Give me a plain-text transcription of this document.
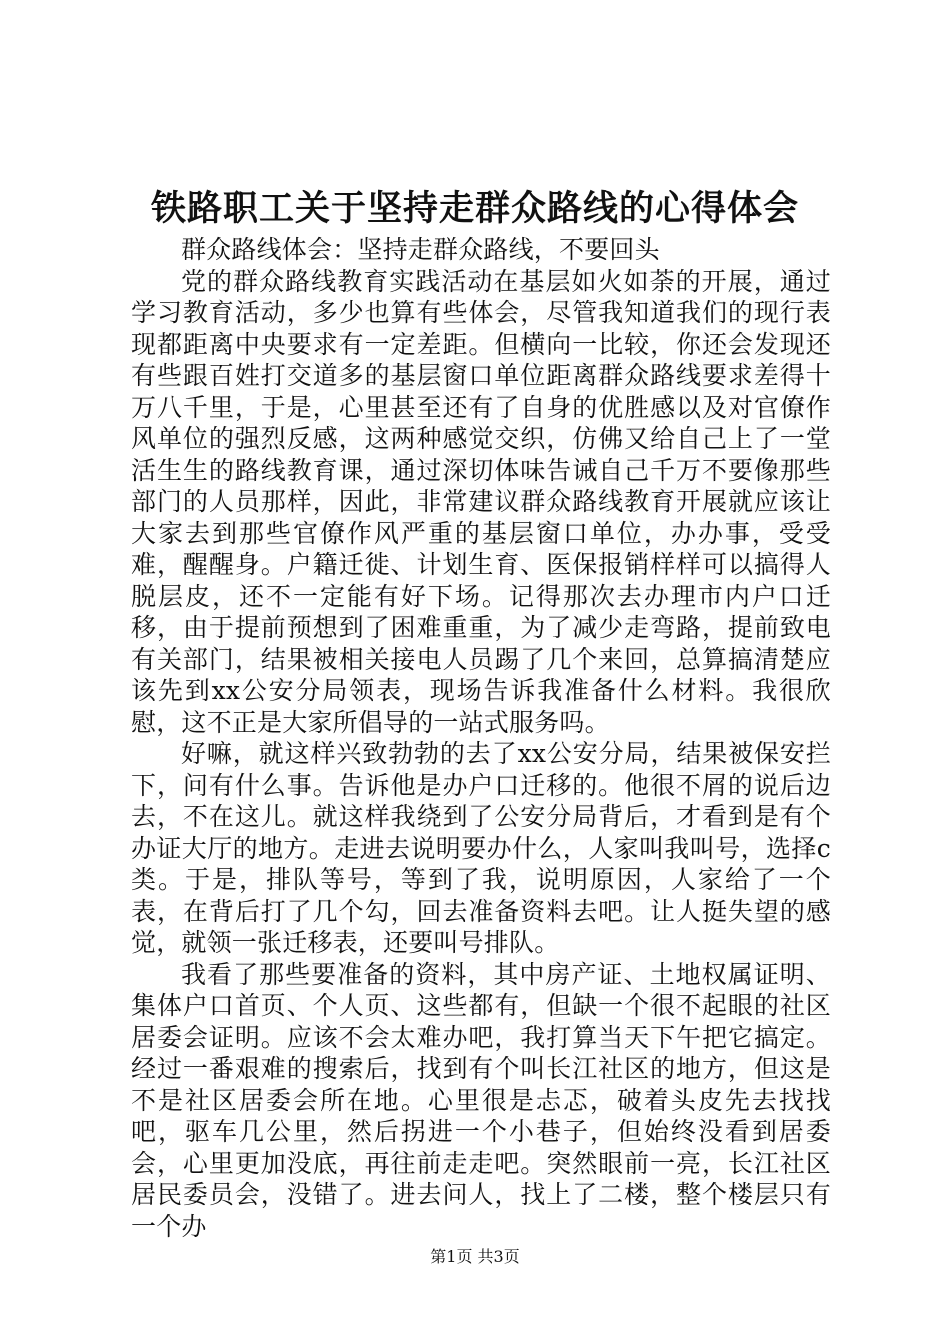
铁路职工关于坚持走群众路线的心得体会

群众路线体会：坚持走群众路线，不要回头

党的群众路线教育实践活动在基层如火如荼的开展，通过学习教育活动，多少也算有些体会，尽管我知道我们的现行表现都距离中央要求有一定差距。但横向一比较，你还会发现还有些跟百姓打交道多的基层窗口单位距离群众路线要求差得十万八千里，于是，心里甚至还有了自身的优胜感以及对官僚作风单位的强烈反感，这两种感觉交织，仿佛又给自己上了一堂活生生的路线教育课，通过深切体味告诫自己千万不要像那些部门的人员那样，因此，非常建议群众路线教育开展就应该让大家去到那些官僚作风严重的基层窗口单位，办办事，受受难，醒醒身。户籍迁徙、计划生育、医保报销样样可以搞得人脱层皮，还不一定能有好下场。记得那次去办理市内户口迁移，由于提前预想到了困难重重，为了减少走弯路，提前致电有关部门，结果被相关接电人员踢了几个来回，总算搞清楚应该先到xx公安分局领表，现场告诉我准备什么材料。我很欣慰，这不正是大家所倡导的一站式服务吗。

好嘛，就这样兴致勃勃的去了xx公安分局，结果被保安拦下，问有什么事。告诉他是办户口迁移的。他很不屑的说后边去，不在这儿。就这样我绕到了公安分局背后，才看到是有个办证大厅的地方。走进去说明要办什么，人家叫我叫号，选择c类。于是，排队等号，等到了我，说明原因，人家给了一个表，在背后打了几个勾，回去准备资料去吧。让人挺失望的感觉，就领一张迁移表，还要叫号排队。

我看了那些要准备的资料，其中房产证、土地权属证明、集体户口首页、个人页、这些都有，但缺一个很不起眼的社区居委会证明。应该不会太难办吧，我打算当天下午把它搞定。经过一番艰难的搜索后，找到有个叫长江社区的地方，但这是不是社区居委会所在地。心里很是忐忑，破着头皮先去找找吧，驱车几公里，然后拐进一个小巷子，但始终没看到居委会，心里更加没底，再往前走走吧。突然眼前一亮，长江社区居民委员会，没错了。进去问人，找上了二楼，整个楼层只有一个办

第1页 共3页
